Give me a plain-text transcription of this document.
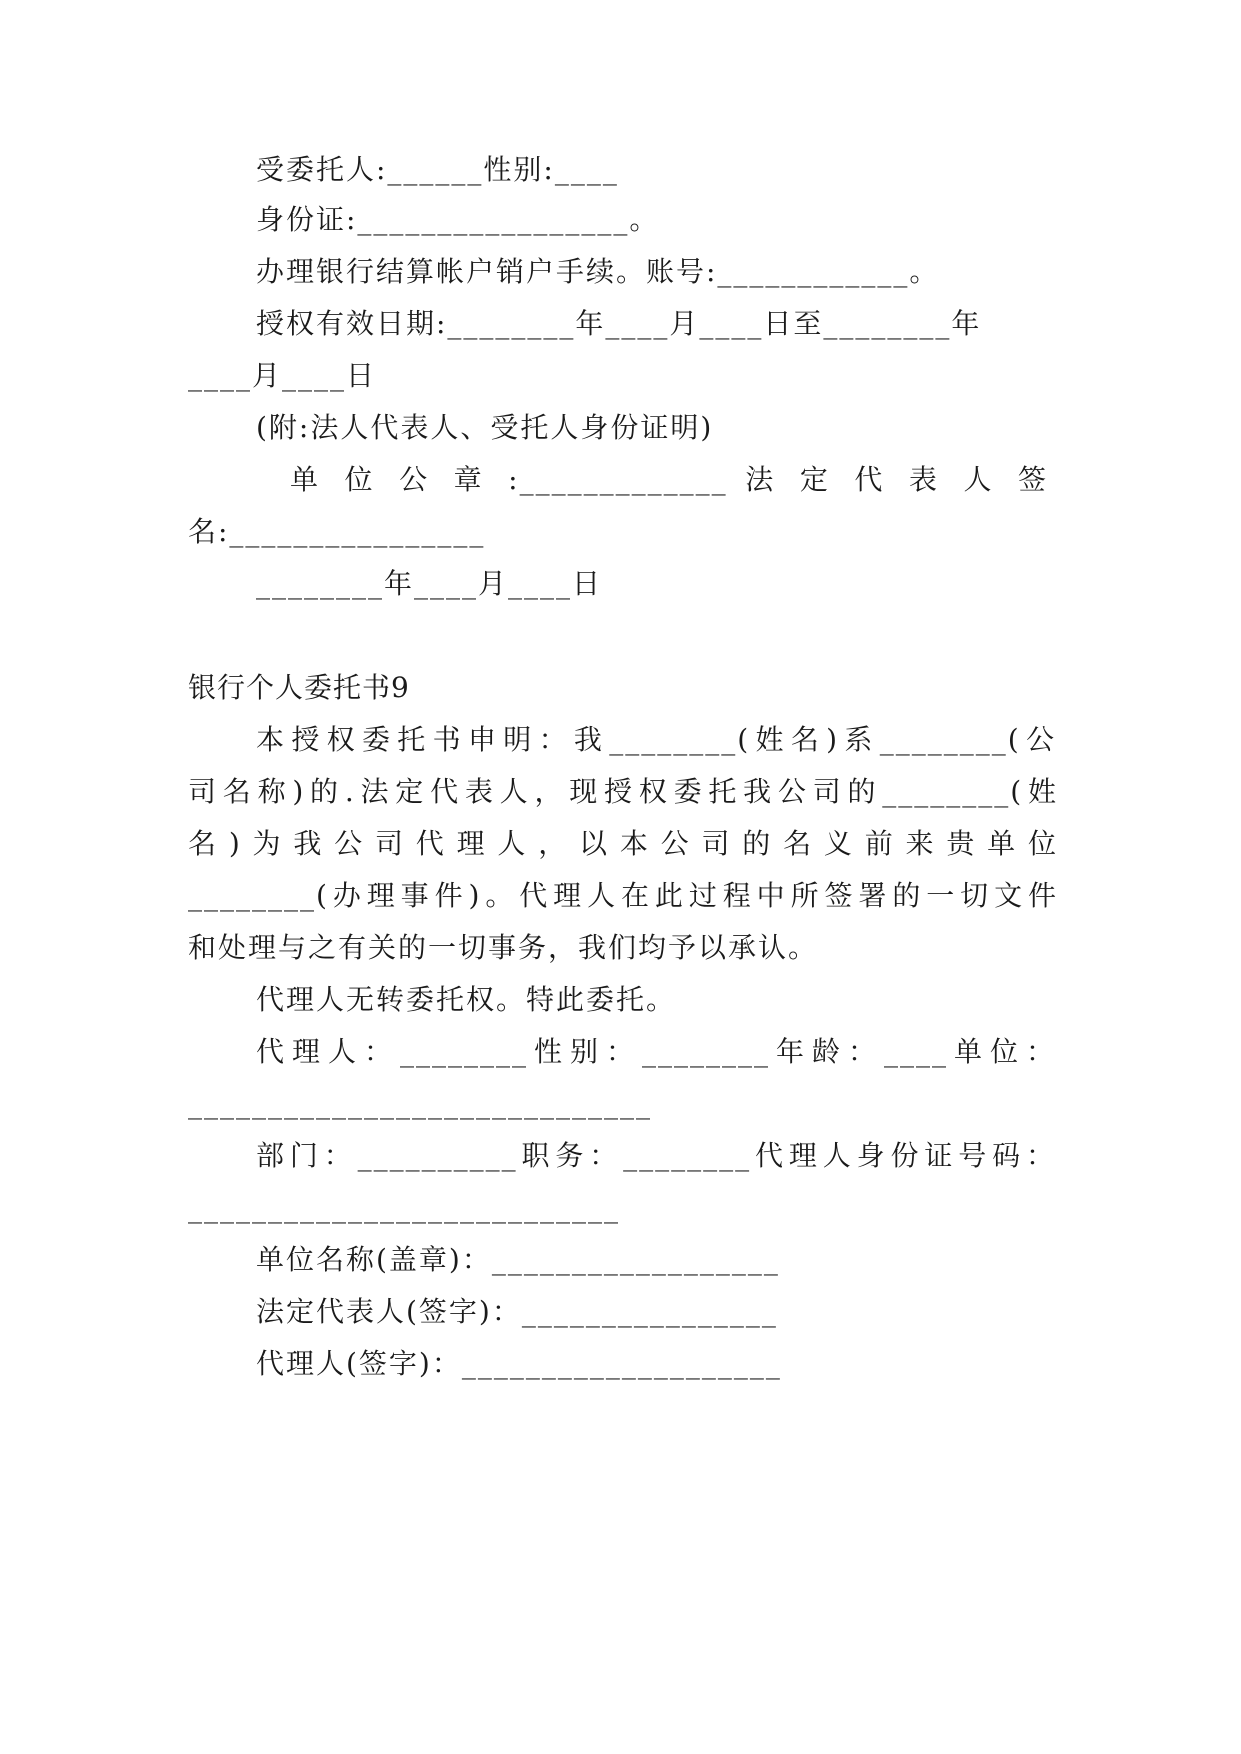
受委托人:______性别:____
身份证:_________________。
办理银行结算帐户销户手续。账号:____________。
授权有效日期:________年____月____日至________年
____月____日
(附:法人代表人、受托人身份证明)
单 位 公 章 :_____________ 法 定 代 表 人 签
名:________________
________年____月____日
银行个人委托书9
本授权委托书申明：我________(姓名)系________(公
司名称)的.法定代表人，现授权委托我公司的________(姓
名)为我公司代理人，以本公司的名义前来贵单位
________(办理事件)。代理人在此过程中所签署的一切文件
和处理与之有关的一切事务，我们均予以承认。
代理人无转委托权。特此委托。
代理人：________性别：________年龄：____单位：
_____________________________
部门：__________职务：________代理人身份证号码：
___________________________
单位名称(盖章)：__________________
法定代表人(签字)：________________
代理人(签字)：____________________
